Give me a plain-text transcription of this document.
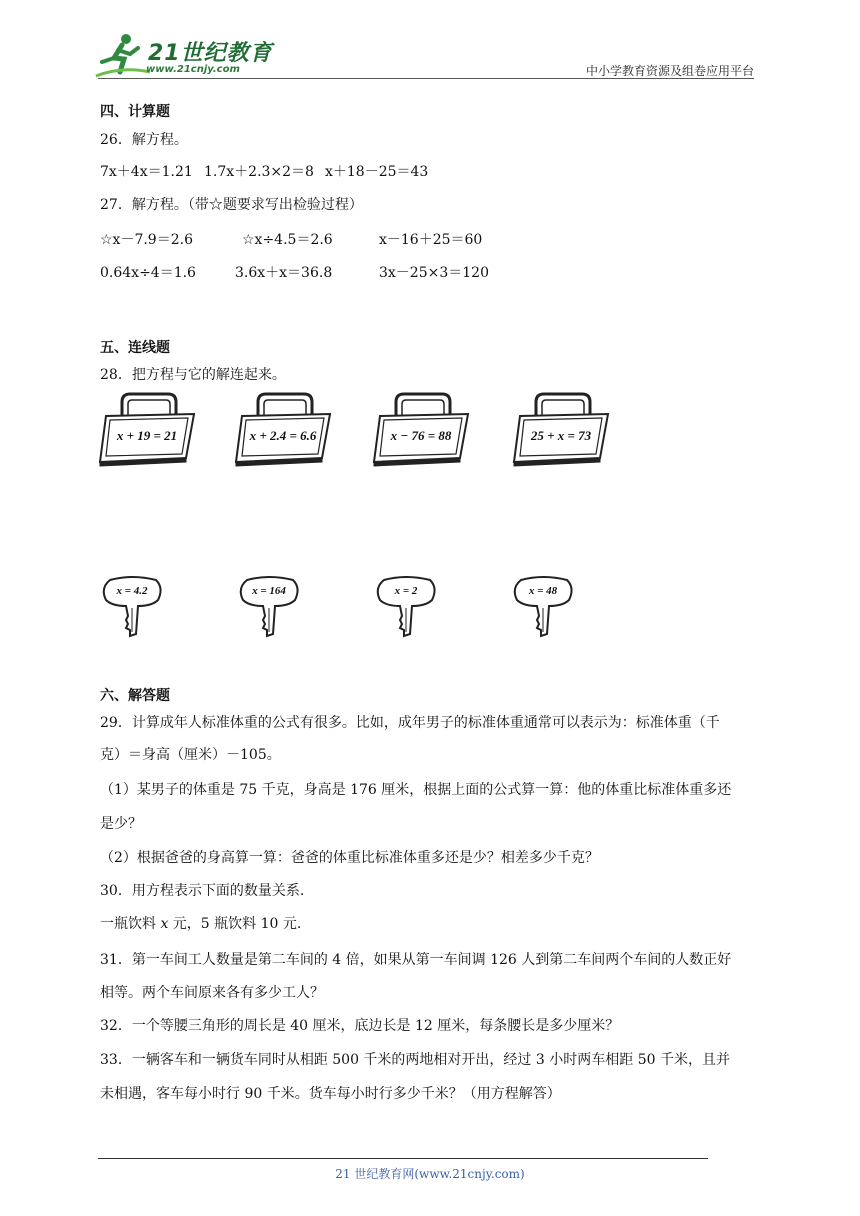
21世纪教育
www.21cnjy.com	中小学教育资源及组卷应用平台
四、计算题
26．解方程。
7x＋4x＝1.21 1.7x＋2.3×2＝8 x＋18－25＝43
27．解方程。（带☆题要求写出检验过程）
☆x－7.9＝2.6	☆x÷4.5＝2.6	x－16＋25＝60
0.64x÷4＝1.6	3.6x＋x＝36.8	3x－25×3＝120
五、连线题
28．把方程与它的解连起来。
x + 19 = 21	x + 2.4 = 6.6	x − 76 = 88	25 + x = 73
x = 4.2	x = 164	x = 2	x = 48
六、解答题
29．计算成年人标准体重的公式有很多。比如，成年男子的标准体重通常可以表示为：标准体重（千
克）＝身高（厘米）－105。
（1）某男子的体重是 75 千克，身高是 176 厘米，根据上面的公式算一算：他的体重比标准体重多还
是少？
（2）根据爸爸的身高算一算：爸爸的体重比标准体重多还是少？相差多少千克？
30．用方程表示下面的数量关系.
一瓶饮料 x 元，5 瓶饮料 10 元.
31．第一车间工人数量是第二车间的 4 倍，如果从第一车间调 126 人到第二车间两个车间的人数正好
相等。两个车间原来各有多少工人？
32．一个等腰三角形的周长是 40 厘米，底边长是 12 厘米，每条腰长是多少厘米？
33．一辆客车和一辆货车同时从相距 500 千米的两地相对开出，经过 3 小时两车相距 50 千米，且并
未相遇，客车每小时行 90 千米。货车每小时行多少千米？（用方程解答）
21 世纪教育网(www.21cnjy.com)
